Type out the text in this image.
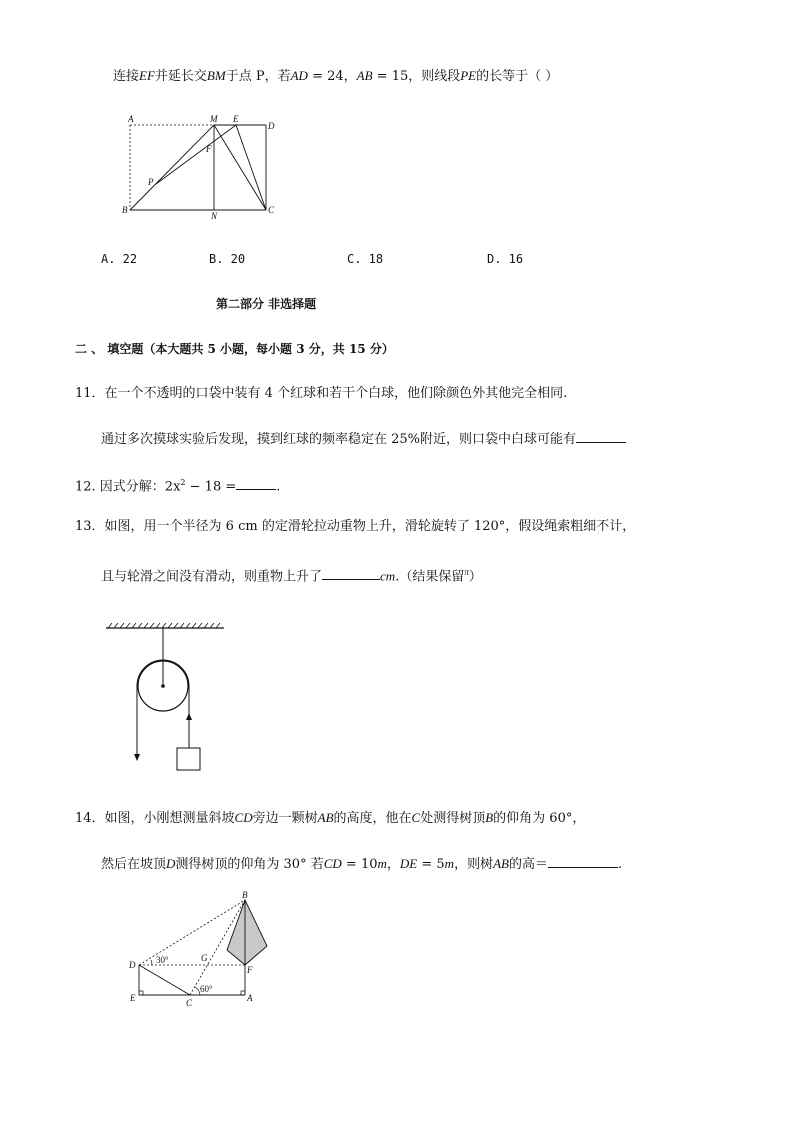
连接EF并延长交BM于点 P，若AD = 24，AB = 15，则线段PE的长等于（ ）
A	M E
D
F
P
B
N
C
A. 22	B. 20	C. 18	D. 16
第二部分 非选择题
二 、 填空题（本大题共 5 小题，每小题 3 分，共 15 分）
11．在一个不透明的口袋中装有 4 个红球和若干个白球，他们除颜色外其他完全相同.
通过多次摸球实验后发现，摸到红球的频率稳定在 25%附近，则口袋中白球可能有
12. 因式分解：$2x^2 - 18$ =	.
13．如图，用一个半径为 6 cm 的定滑轮拉动重物上升，滑轮旋转了 120°，假设绳索粗细不计，
且与轮滑之间没有滑动，则重物上升了	cm.（结果保留$^\pi$）
14．如图，小刚想测量斜坡CD旁边一颗树AB的高度，他在C处测得树顶B的仰角为 60°，
然后在坡顶D测得树顶的仰角为 30° 若CD = 10m，DE = 5m，则树AB的高＝	.
B
D
G
F
E	C	A
30°
60°
